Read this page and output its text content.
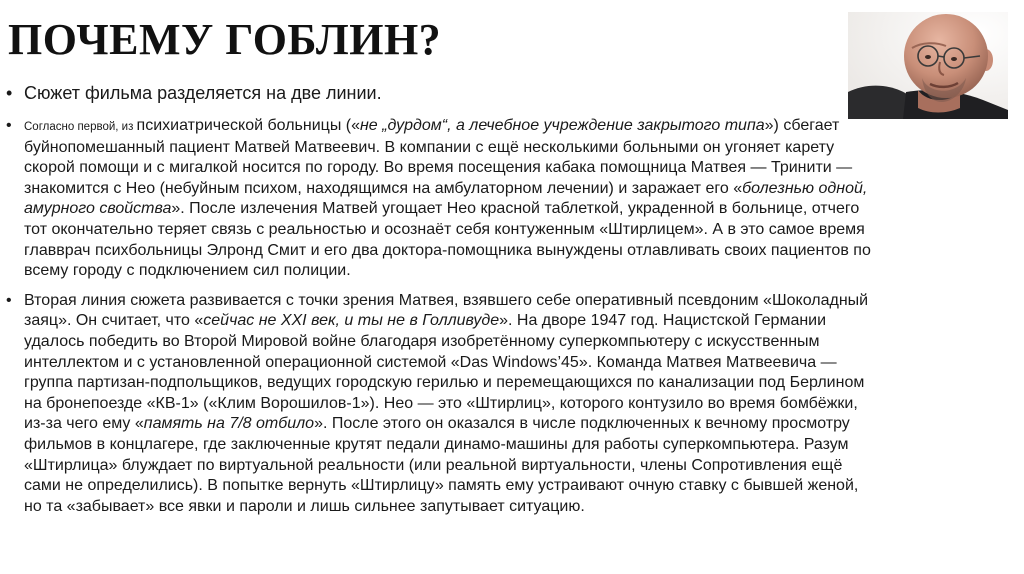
ПОЧЕМУ ГОБЛИН?
• Сюжет фильма разделяется на две линии.
• Согласно первой, из психиатрической больницы («не „дурдом“, а лечебное учреждение закрытого типа») сбегает буйнопомешанный пациент Матвей Матвеевич. В компании с ещё несколькими больными он угоняет карету скорой помощи и с мигалкой носится по городу. Во время посещения кабака помощница Матвея — Тринити — знакомится с Нео (небуйным психом, находящимся на амбулаторном лечении) и заражает его «болезнью одной, амурного свойства». После излечения Матвей угощает Нео красной таблеткой, украденной в больнице, отчего тот окончательно теряет связь с реальностью и осознаёт себя контуженным «Штирлицем». А в это самое время главврач психбольницы Элронд Смит и его два доктора-помощника вынуждены отлавливать своих пациентов по всему городу с подключением сил полиции.
• Вторая линия сюжета развивается с точки зрения Матвея, взявшего себе оперативный псевдоним «Шоколадный заяц». Он считает, что «сейчас не XXI век, и ты не в Голливуде». На дворе 1947 год. Нацистской Германии удалось победить во Второй Мировой войне благодаря изобретённому суперкомпьютеру с искусственным интеллектом и с установленной операционной системой «Das Windows’45». Команда Матвея Матвеевича — группа партизан-подпольщиков, ведущих городскую герилью и перемещающихся по канализации под Берлином на бронепоезде «КВ-1» («Клим Ворошилов-1»). Нео — это «Штирлиц», которого контузило во время бомбёжки, из-за чего ему «память на 7/8 отбило». После этого он оказался в числе подключенных к вечному просмотру фильмов в концлагере, где заключенные крутят педали динамо-машины для работы суперкомпьютера. Разум «Штирлица» блуждает по виртуальной реальности (или реальной виртуальности, члены Сопротивления ещё сами не определились). В попытке вернуть «Штирлицу» память ему устраивают очную ставку с бывшей женой, но та «забывает» все явки и пароли и лишь сильнее запутывает ситуацию.
